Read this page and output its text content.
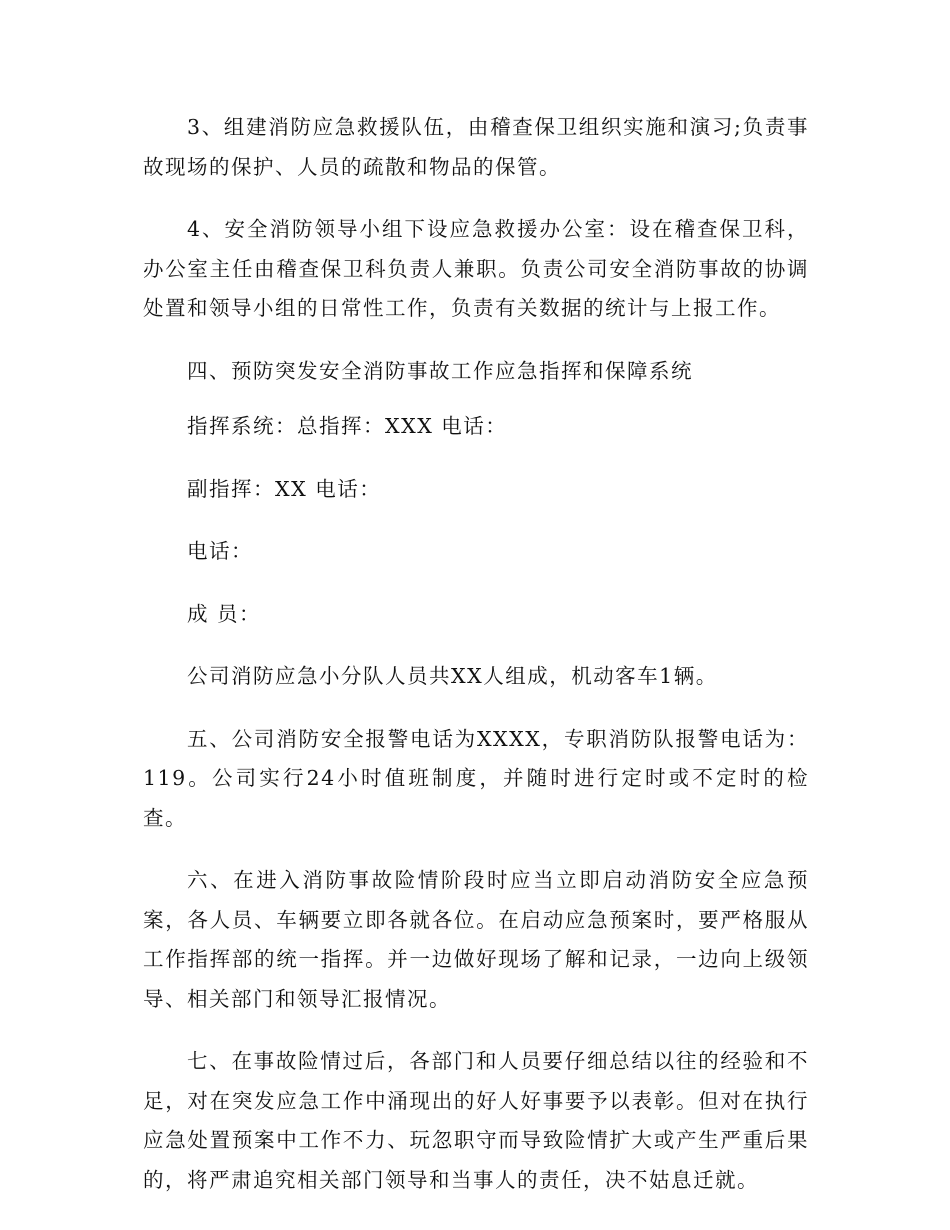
3、组建消防应急救援队伍，由稽查保卫组织实施和演习;负责事故现场的保护、人员的疏散和物品的保管。

4、安全消防领导小组下设应急救援办公室：设在稽查保卫科，办公室主任由稽查保卫科负责人兼职。负责公司安全消防事故的协调处置和领导小组的日常性工作，负责有关数据的统计与上报工作。

四、预防突发安全消防事故工作应急指挥和保障系统

指挥系统：总指挥：XXX 电话：

副指挥：XX 电话：

电话：

成 员：

公司消防应急小分队人员共XX人组成，机动客车1辆。

五、公司消防安全报警电话为XXXX，专职消防队报警电话为：119。公司实行24小时值班制度，并随时进行定时或不定时的检查。

六、在进入消防事故险情阶段时应当立即启动消防安全应急预案，各人员、车辆要立即各就各位。在启动应急预案时，要严格服从工作指挥部的统一指挥。并一边做好现场了解和记录，一边向上级领导、相关部门和领导汇报情况。

七、在事故险情过后，各部门和人员要仔细总结以往的经验和不足，对在突发应急工作中涌现出的好人好事要予以表彰。但对在执行应急处置预案中工作不力、玩忽职守而导致险情扩大或产生严重后果的，将严肃追究相关部门领导和当事人的责任，决不姑息迁就。
